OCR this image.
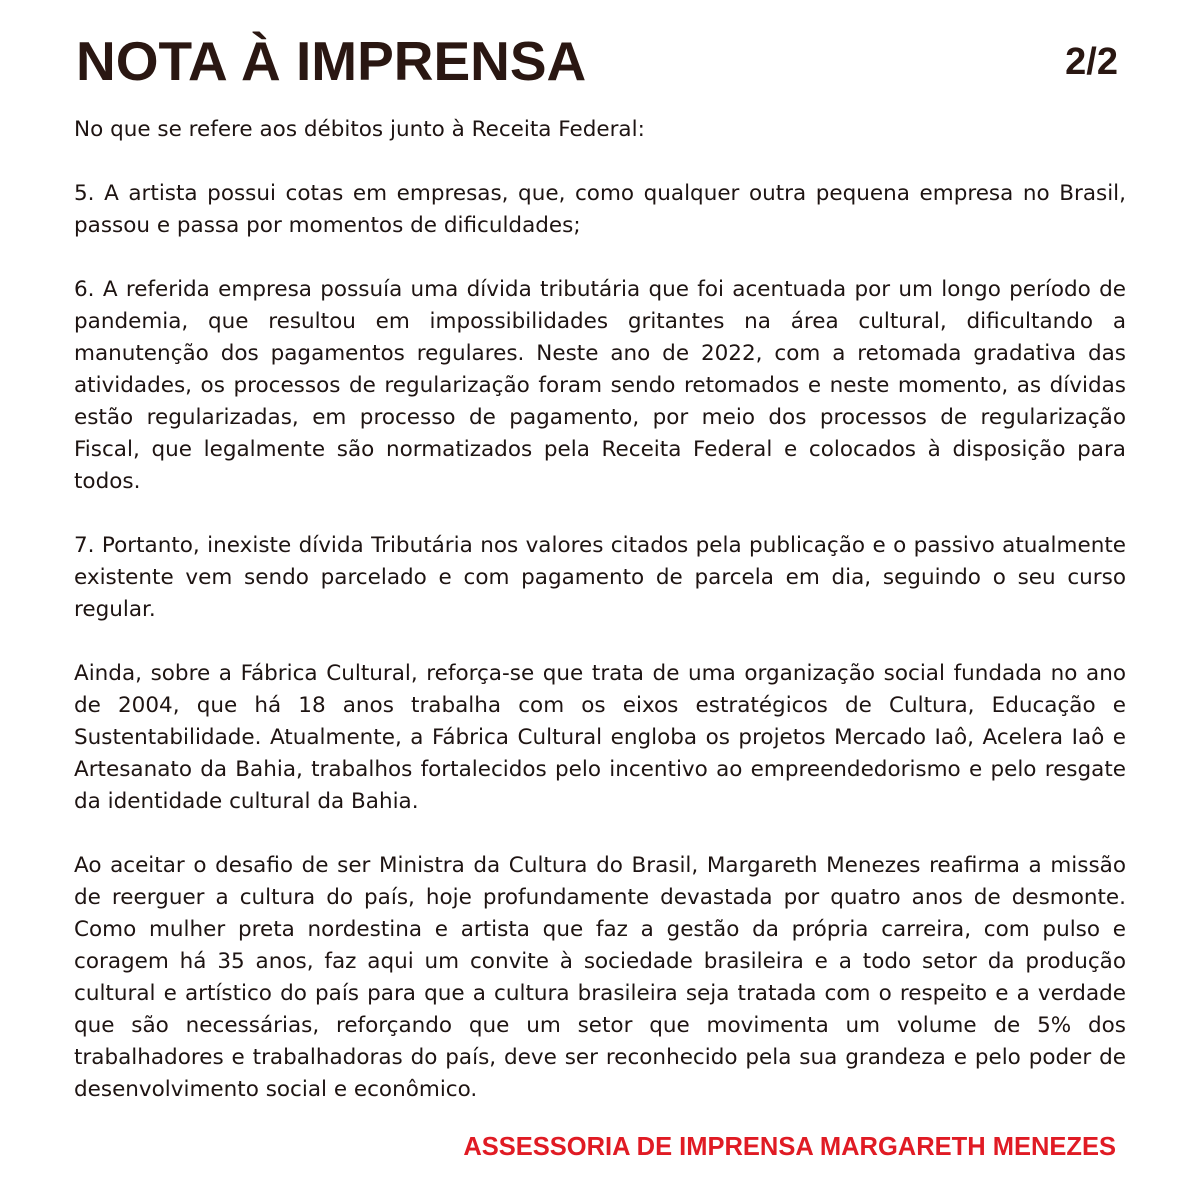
NOTA À IMPRENSA	2/2

No que se refere aos débitos junto à Receita Federal:

5. A artista possui cotas em empresas, que, como qualquer outra pequena empresa no Brasil, passou e passa por momentos de dificuldades;

6. A referida empresa possuía uma dívida tributária que foi acentuada por um longo período de pandemia, que resultou em impossibilidades gritantes na área cultural, dificultando a manutenção dos pagamentos regulares. Neste ano de 2022, com a retomada gradativa das atividades, os processos de regularização foram sendo retomados e neste momento, as dívidas estão regularizadas, em processo de pagamento, por meio dos processos de regularização Fiscal, que legalmente são normatizados pela Receita Federal e colocados à disposição para todos.

7. Portanto, inexiste dívida Tributária nos valores citados pela publicação e o passivo atualmente existente vem sendo parcelado e com pagamento de parcela em dia, seguindo o seu curso regular.

Ainda, sobre a Fábrica Cultural, reforça-se que trata de uma organização social fundada no ano de 2004, que há 18 anos trabalha com os eixos estratégicos de Cultura, Educação e Sustentabilidade. Atualmente, a Fábrica Cultural engloba os projetos Mercado Iaô, Acelera Iaô e Artesanato da Bahia, trabalhos fortalecidos pelo incentivo ao empreendedorismo e pelo resgate da identidade cultural da Bahia.

Ao aceitar o desafio de ser Ministra da Cultura do Brasil, Margareth Menezes reafirma a missão de reerguer a cultura do país, hoje profundamente devastada por quatro anos de desmonte. Como mulher preta nordestina e artista que faz a gestão da própria carreira, com pulso e coragem há 35 anos, faz aqui um convite à sociedade brasileira e a todo setor da produção cultural e artístico do país para que a cultura brasileira seja tratada com o respeito e a verdade que são necessárias, reforçando que um setor que movimenta um volume de 5% dos trabalhadores e trabalhadoras do país, deve ser reconhecido pela sua grandeza e pelo poder de desenvolvimento social e econômico.

ASSESSORIA DE IMPRENSA MARGARETH MENEZES
